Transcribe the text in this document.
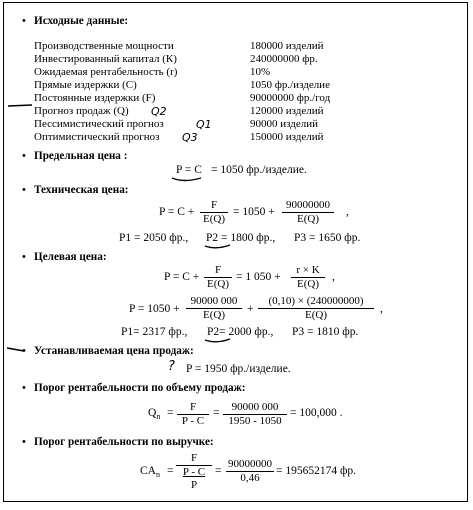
• Исходные данные:
Производственные мощности	180000 изделий
Инвестированный капитал (К)	240000000 фр.
Ожидаемая рентабельность (r)	10%
Прямые издержки (С)	1050 фр./изделие
Постоянные издержки (F)	90000000 фр./год
Прогноз продаж (Q) Q2	120000 изделий
Пессимистический прогноз	Q1	90000 изделий
Оптимистический прогноз Q3	150000 изделий
• Предельная цена :
P = C = 1050 фр./изделие.
• Техническая цена:
P = C +
F
E(Q)
= 1050 +
90000000
E(Q)
,
P1 = 2050 фр., P2 = 1800 фр., P3 = 1650 фр.
• Целевая цена:
P = C +
F
E(Q)
= 1 050 +
r × K
E(Q)
,
P = 1050 +
90000 000
E(Q)	+
(0,10) × (240000000)
E(Q)	,
P1= 2317 фр., P2= 2000 фр., P3 = 1810 фр.
• Устанавливаемая цена продаж:
? P = 1950 фр./изделие.
• Порог рентабельности по объему продаж:
$Q_n$ =	F
P - C
=	90000 000
1950 - 1050
= 100,000 .
• Порог рентабельности по выручке:
$CA_n$ =
F
P - C
P
=
90000000
0,46
= 195652174 фр.
